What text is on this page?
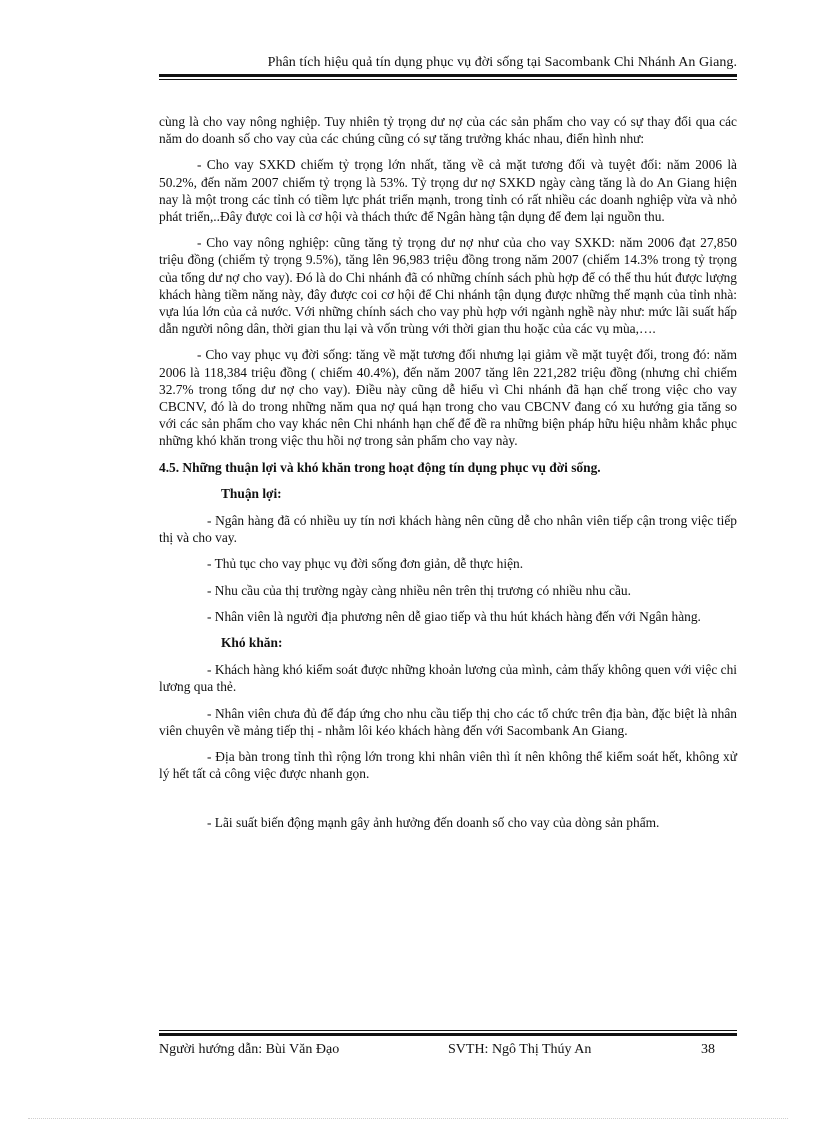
Phân tích hiệu quả tín dụng phục vụ đời sống tại Sacombank Chi Nhánh An Giang.

cùng là cho vay nông nghiệp. Tuy nhiên tỷ trọng dư nợ của các sản phẩm cho vay có sự thay đổi qua các năm do doanh số cho vay của các chúng cũng có sự tăng trưởng khác nhau, điển hình như:

- Cho vay SXKD chiếm tỷ trọng lớn nhất, tăng về cả mặt tương đối và tuyệt đối: năm 2006 là 50.2%, đến năm 2007 chiếm tỷ trọng là 53%. Tỷ trọng dư nợ SXKD ngày càng tăng là do An Giang hiện nay là một trong các tỉnh có tiềm lực phát triển mạnh, trong tỉnh có rất nhiều các doanh nghiệp vừa và nhỏ phát triển,..Đây được coi là cơ hội và thách thức để Ngân hàng tận dụng để đem lại nguồn thu.

- Cho vay nông nghiệp: cũng tăng tỷ trọng dư nợ như của cho vay SXKD: năm 2006 đạt 27,850 triệu đồng (chiếm tỷ trọng 9.5%), tăng lên 96,983 triệu đồng trong năm 2007 (chiếm 14.3% trong tỷ trọng của tổng dư nợ cho vay). Đó là do Chi nhánh đã có những chính sách phù hợp để có thể thu hút được lượng khách hàng tiềm năng này, đây được coi cơ hội để Chi nhánh tận dụng được những thế mạnh của tỉnh nhà: vựa lúa lớn của cả nước. Với những chính sách cho vay phù hợp với ngành nghề này như: mức lãi suất hấp dẫn người nông dân, thời gian thu lại và vốn trùng với thời gian thu hoặc của các vụ mùa,….

- Cho vay phục vụ đời sống: tăng về mặt tương đối nhưng lại giảm về mặt tuyệt đối, trong đó: năm 2006 là 118,384 triệu đồng ( chiếm 40.4%), đến năm 2007 tăng lên 221,282 triệu đồng (nhưng chỉ chiếm 32.7% trong tổng dư nợ cho vay). Điều này cũng dễ hiểu vì Chi nhánh đã hạn chế trong việc cho vay CBCNV, đó là do trong những năm qua nợ quá hạn trong cho vau CBCNV đang có xu hướng gia tăng so với các sản phẩm cho vay khác nên Chi nhánh hạn chế để đề ra những biện pháp hữu hiệu nhằm khắc phục những khó khăn trong việc thu hồi nợ trong sản phẩm cho vay này.

4.5. Những thuận lợi và khó khăn trong hoạt động tín dụng phục vụ đời sống.
Thuận lợi:

- Ngân hàng đã có nhiều uy tín nơi khách hàng nên cũng dễ cho nhân viên tiếp cận trong việc tiếp thị và cho vay.

- Thủ tục cho vay phục vụ đời sống đơn giản, dễ thực hiện.

- Nhu cầu của thị trường ngày càng nhiều nên trên thị trương có nhiều nhu cầu.

- Nhân viên là người địa phương nên dễ giao tiếp và thu hút khách hàng đến với Ngân hàng.

Khó khăn:

- Khách hàng khó kiểm soát được những khoản lương của mình, cảm thấy không quen với việc chi lương qua thẻ.

- Nhân viên chưa đủ để đáp ứng cho nhu cầu tiếp thị cho các tổ chức trên địa bàn, đặc biệt là nhân viên chuyên về mảng tiếp thị - nhằm lôi kéo khách hàng đến với Sacombank An Giang.

- Địa bàn trong tỉnh thì rộng lớn trong khi nhân viên thì ít nên không thể kiểm soát hết, không xử lý hết tất cả công việc được nhanh gọn.

- Lãi suất biến động mạnh gây ảnh hưởng đến doanh số cho vay của dòng sản phẩm.

Người hướng dẫn: Bùi Văn Đạo	SVTH: Ngô Thị Thúy An	38
